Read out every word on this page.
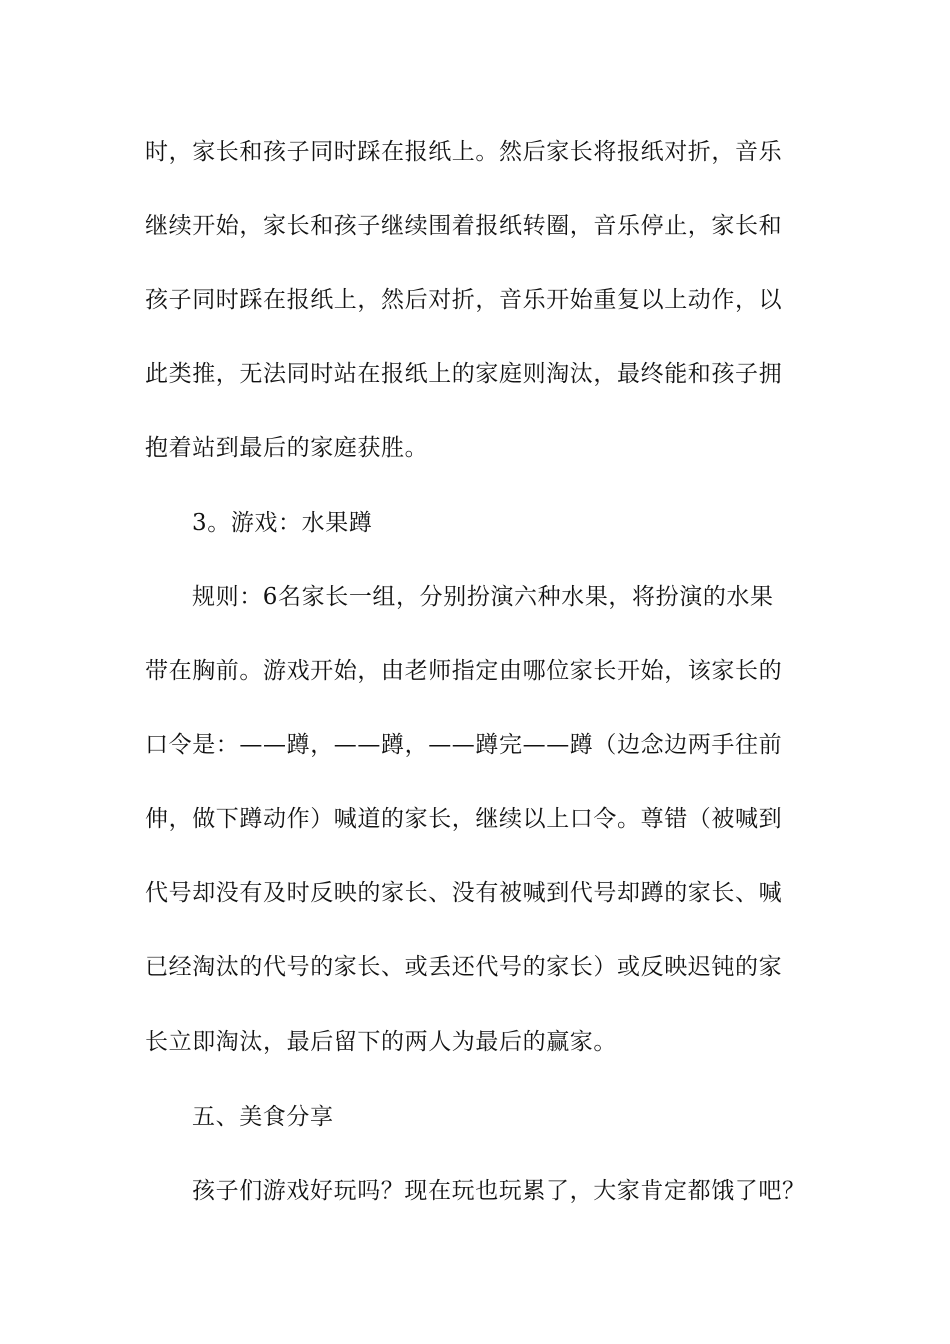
时，家长和孩子同时踩在报纸上。然后家长将报纸对折，音乐
继续开始，家长和孩子继续围着报纸转圈，音乐停止，家长和
孩子同时踩在报纸上，然后对折，音乐开始重复以上动作，以
此类推，无法同时站在报纸上的家庭则淘汰，最终能和孩子拥
抱着站到最后的家庭获胜。
3。游戏：水果蹲
规则：6名家长一组，分别扮演六种水果，将扮演的水果
带在胸前。游戏开始，由老师指定由哪位家长开始，该家长的
口令是：——蹲，——蹲，——蹲完——蹲（边念边两手往前
伸，做下蹲动作）喊道的家长，继续以上口令。尊错（被喊到
代号却没有及时反映的家长、没有被喊到代号却蹲的家长、喊
已经淘汰的代号的家长、或丢还代号的家长）或反映迟钝的家
长立即淘汰，最后留下的两人为最后的赢家。
五、美食分享
孩子们游戏好玩吗？现在玩也玩累了，大家肯定都饿了吧？
